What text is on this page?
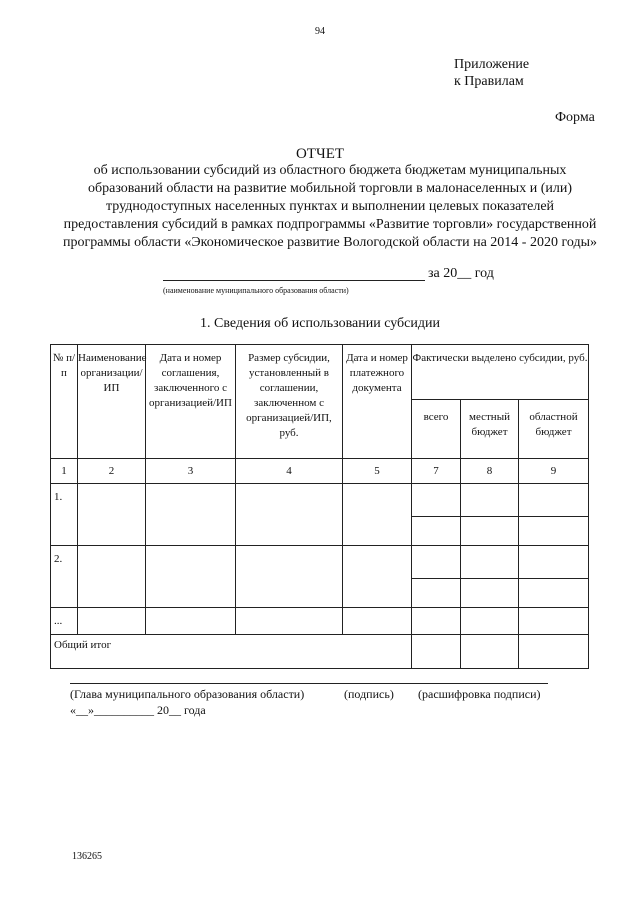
94
Приложение
к Правилам
Форма
ОТЧЕТ
об использовании субсидий из областного бюджета бюджетам муниципальных образований области на развитие мобильной торговли в малонаселенных и (или) труднодоступных населенных пунктах и выполнении целевых показателей предоставления субсидий в рамках подпрограммы «Развитие торговли» государственной программы области «Экономическое развитие Вологодской области на 2014 - 2020 годы»
за 20__ год
(наименование муниципального образования области)
1. Сведения об использовании субсидии
№ п/п	Наименование организации/ИП	Дата и номер соглашения, заключенного с организацией/ИП	Размер субсидии, установленный в соглашении, заключенном с организацией/ИП, руб.	Дата и номер платежного документа	Фактически выделено субсидии, руб.		
					всего	местный бюджет	областной бюджет
1	2	3	4	5	7	8	9
1.							

2.							

...							
Общий итог							
(Глава муниципального образования области)	(подпись) (расшифровка подписи)
«__»__________ 20__ года
136265
